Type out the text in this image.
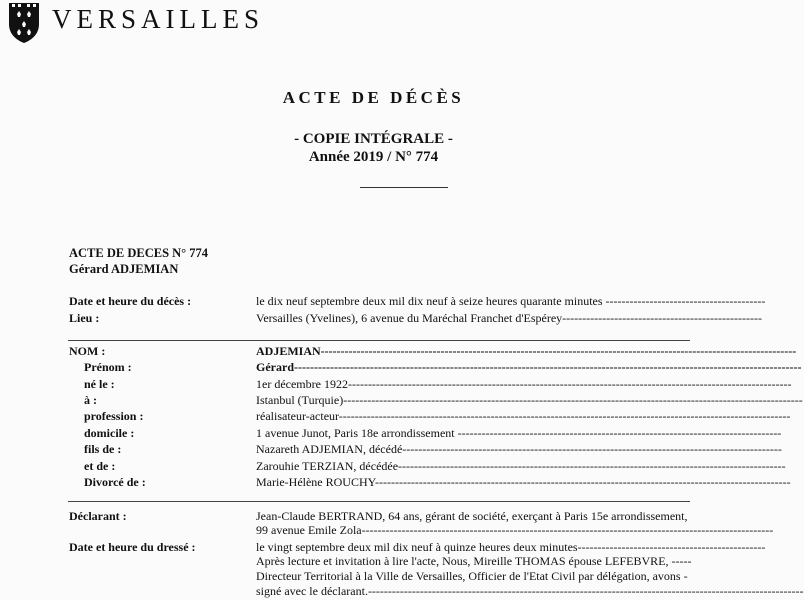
VERSAILLES
ACTE DE DÉCÈS
- COPIE INTÉGRALE -
Année 2019 / N° 774
ACTE DE DECES N° 774
Gérard ADJEMIAN
Date et heure du décès :	le dix neuf septembre deux mil dix neuf à seize heures quarante minutes ----------------------------------------
Lieu :	Versailles (Yvelines), 6 avenue du Maréchal Franchet d'Espérey--------------------------------------------------
NOM :	ADJEMIAN-----------------------------------------------------------------------------------------------------------------------
Prénom :	Gérard-------------------------------------------------------------------------------------------------------------------------------
né le :	1er décembre 1922---------------------------------------------------------------------------------------------------------------
à :	Istanbul (Turquie)-------------------------------------------------------------------------------------------------------------------
profession :	réalisateur-acteur-----------------------------------------------------------------------------------------------------------------
domicile :	1 avenue Junot, Paris 18e arrondissement ---------------------------------------------------------------------------------
fils de :	Nazareth ADJEMIAN, décédé-----------------------------------------------------------------------------------------------
et de :	Zarouhie TERZIAN, décédée-------------------------------------------------------------------------------------------------
Divorcé de :	Marie-Hélène ROUCHY--------------------------------------------------------------------------------------------------------
Déclarant :	Jean-Claude BERTRAND, 64 ans, gérant de société, exerçant à Paris 15e arrondissement,
99 avenue Emile Zola-------------------------------------------------------------------------------------------------------
Date et heure du dressé :	le vingt septembre deux mil dix neuf à quinze heures deux minutes-----------------------------------------------
Après lecture et invitation à lire l'acte, Nous, Mireille THOMAS épouse LEFEBVRE, -----
Directeur Territorial à la Ville de Versailles, Officier de l'Etat Civil par délégation, avons -
signé avec le déclarant.-------------------------------------------------------------------------------------------------------------
